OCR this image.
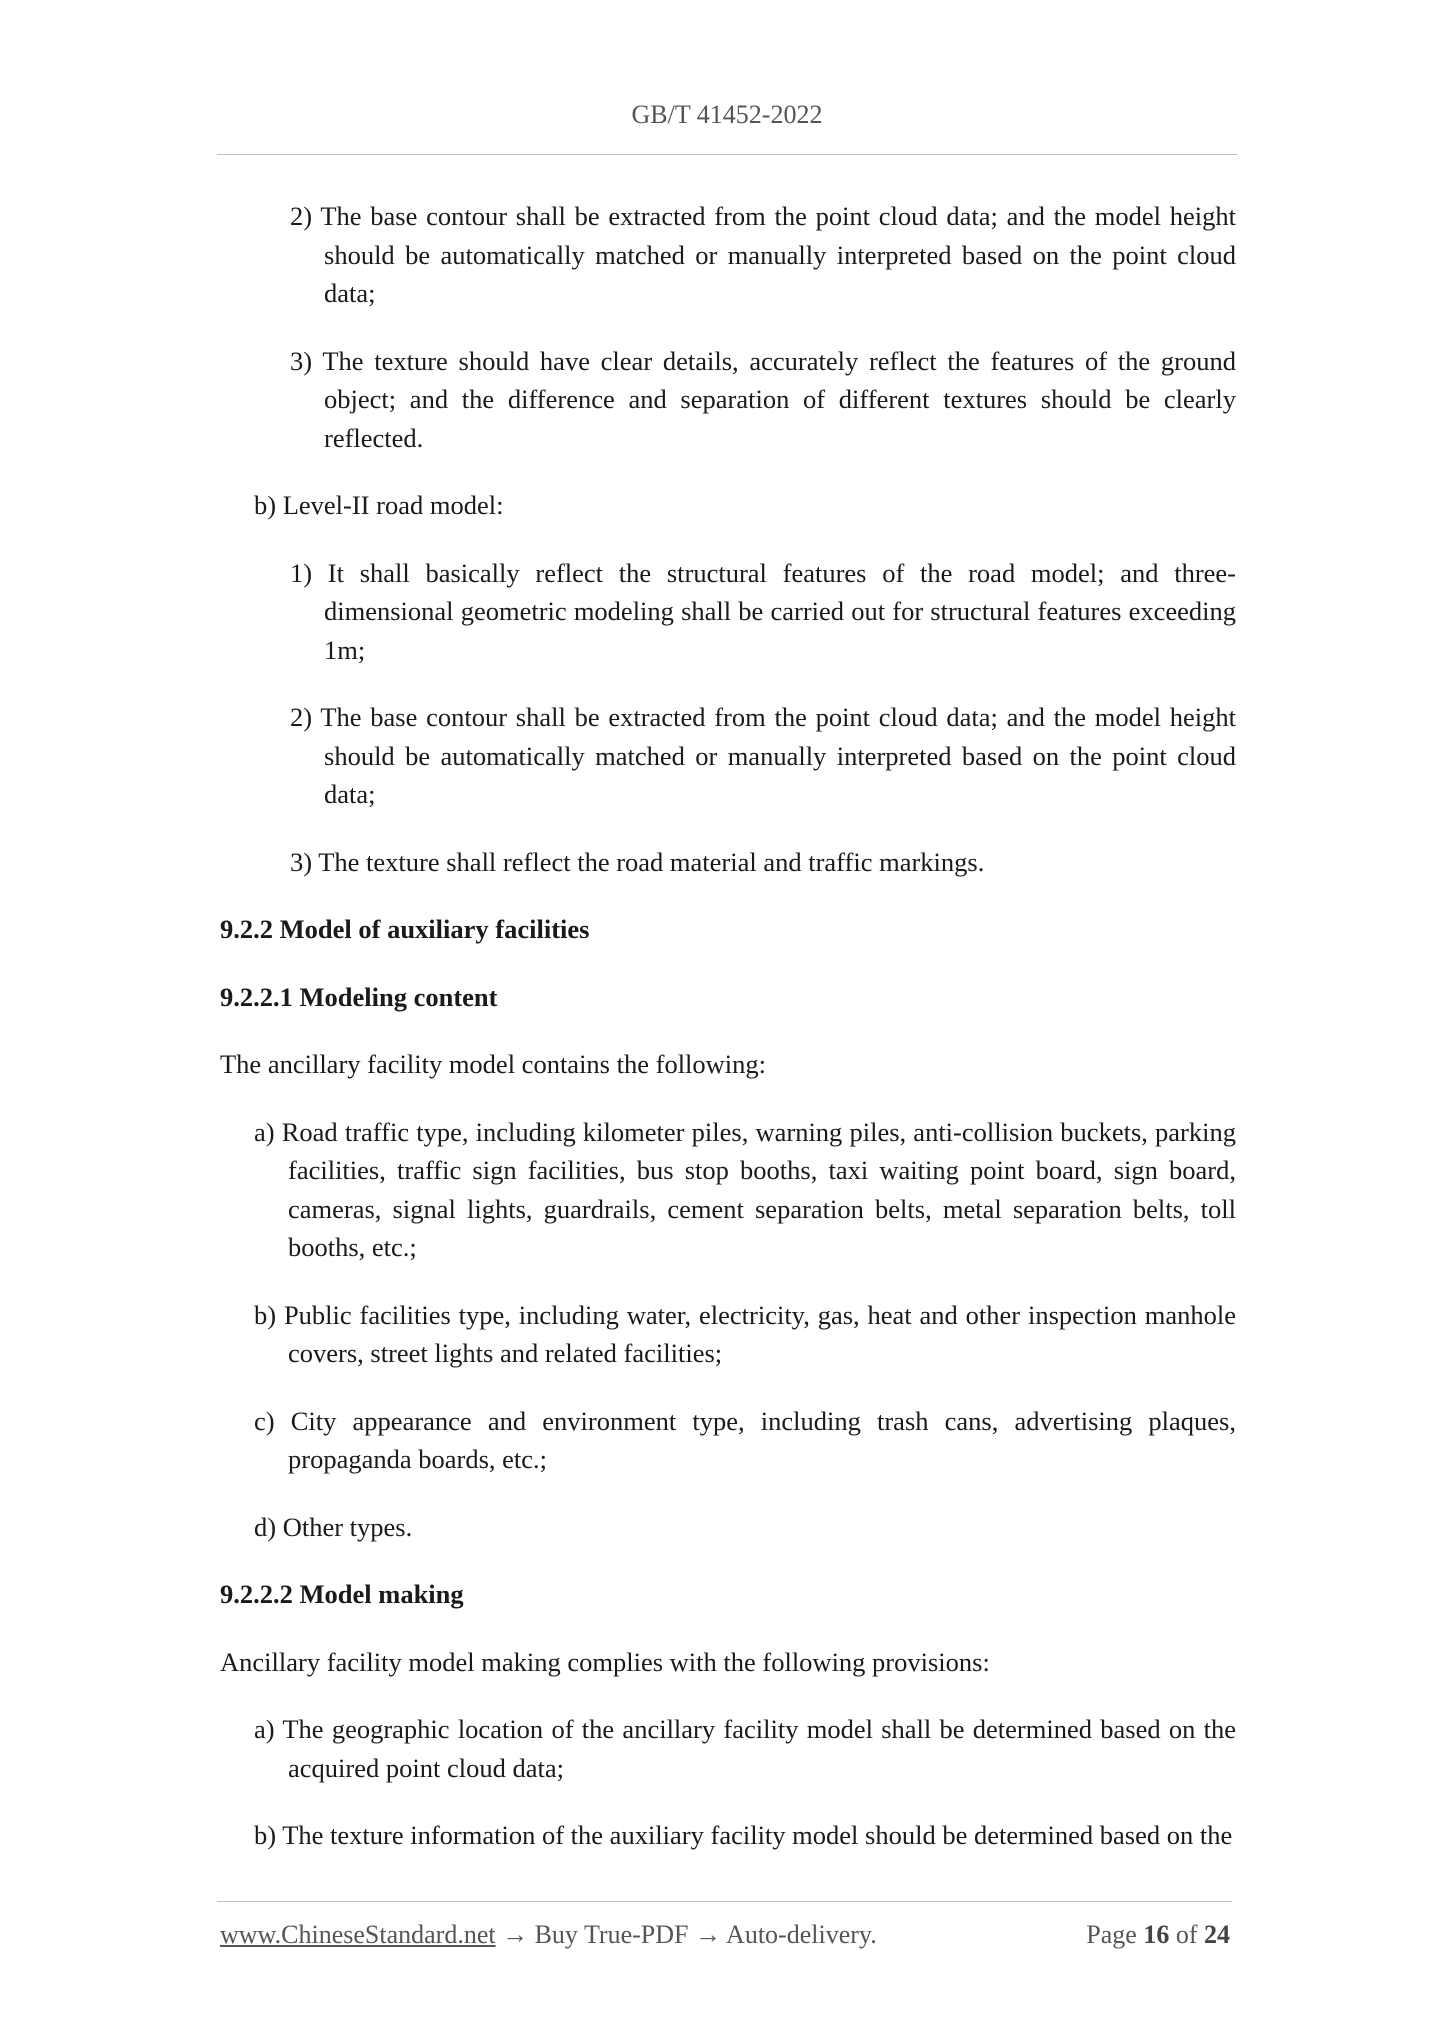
GB/T 41452-2022
2) The base contour shall be extracted from the point cloud data; and the model height should be automatically matched or manually interpreted based on the point cloud data;
3) The texture should have clear details, accurately reflect the features of the ground object; and the difference and separation of different textures should be clearly reflected.
b) Level-II road model:
1) It shall basically reflect the structural features of the road model; and three-dimensional geometric modeling shall be carried out for structural features exceeding 1m;
2) The base contour shall be extracted from the point cloud data; and the model height should be automatically matched or manually interpreted based on the point cloud data;
3) The texture shall reflect the road material and traffic markings.
9.2.2 Model of auxiliary facilities
9.2.2.1 Modeling content
The ancillary facility model contains the following:
a) Road traffic type, including kilometer piles, warning piles, anti-collision buckets, parking facilities, traffic sign facilities, bus stop booths, taxi waiting point board, sign board, cameras, signal lights, guardrails, cement separation belts, metal separation belts, toll booths, etc.;
b) Public facilities type, including water, electricity, gas, heat and other inspection manhole covers, street lights and related facilities;
c) City appearance and environment type, including trash cans, advertising plaques, propaganda boards, etc.;
d) Other types.
9.2.2.2 Model making
Ancillary facility model making complies with the following provisions:
a) The geographic location of the ancillary facility model shall be determined based on the acquired point cloud data;
b) The texture information of the auxiliary facility model should be determined based on the
www.ChineseStandard.net → Buy True-PDF → Auto-delivery.	Page 16 of 24
